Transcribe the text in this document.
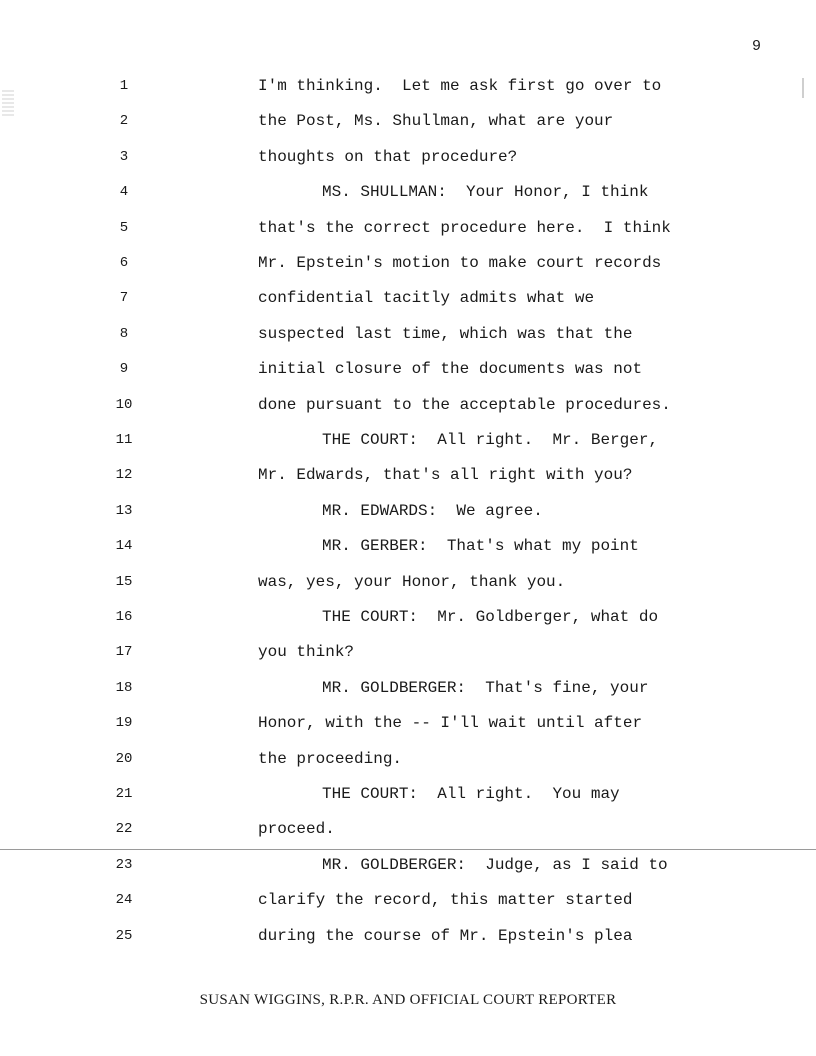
9
1	I'm thinking.  Let me ask first go over to
2	the Post, Ms. Shullman, what are your
3	thoughts on that procedure?
4	MS. SHULLMAN:  Your Honor, I think
5	that's the correct procedure here.  I think
6	Mr. Epstein's motion to make court records
7	confidential tacitly admits what we
8	suspected last time, which was that the
9	initial closure of the documents was not
10	done pursuant to the acceptable procedures.
11	THE COURT:  All right.  Mr. Berger,
12	Mr. Edwards, that's all right with you?
13	MR. EDWARDS:  We agree.
14	MR. GERBER:  That's what my point
15	was, yes, your Honor, thank you.
16	THE COURT:  Mr. Goldberger, what do
17	you think?
18	MR. GOLDBERGER:  That's fine, your
19	Honor, with the -- I'll wait until after
20	the proceeding.
21	THE COURT:  All right.  You may
22	proceed.
23	MR. GOLDBERGER:  Judge, as I said to
24	clarify the record, this matter started
25	during the course of Mr. Epstein's plea
SUSAN WIGGINS, R.P.R. AND OFFICIAL COURT REPORTER
